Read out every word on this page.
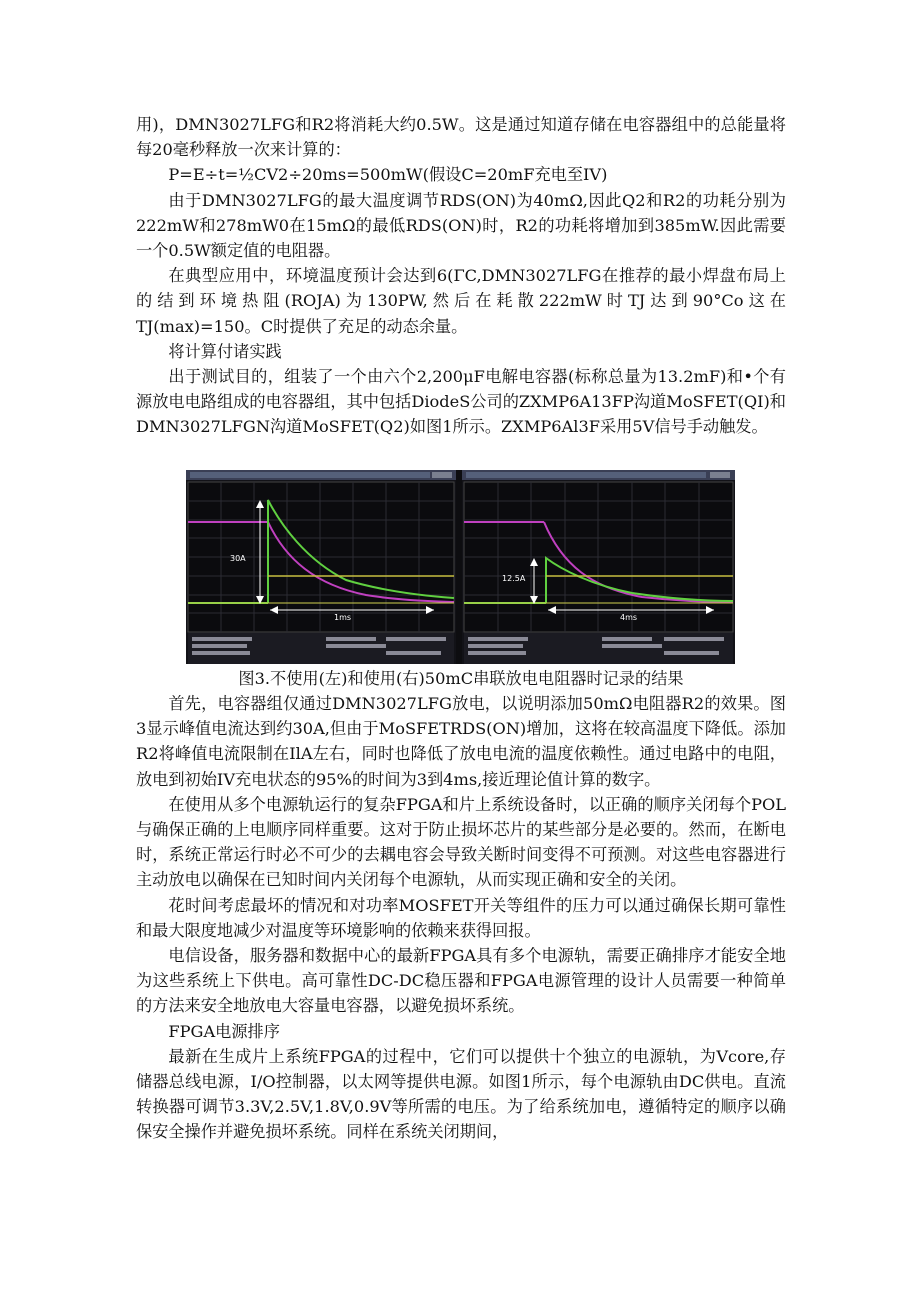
用)，DMN3027LFG和R2将消耗大约0.5W。这是通过知道存储在电容器组中的总能量将每20毫秒释放一次来计算的：

P=E÷t=½CV2÷20ms=500mW(假设C=20mF充电至IV)

由于DMN3027LFG的最大温度调节RDS(ON)为40mΩ,因此Q2和R2的功耗分别为222mW和278mW0在15mΩ的最低RDS(ON)时，R2的功耗将增加到385mW.因此需要一个0.5W额定值的电阻器。

在典型应用中，环境温度预计会达到6(ΓC,DMN3027LFG在推荐的最小焊盘布局上的结到环境热阻(ROJA)为130PW,然后在耗散222mW时TJ达到90°Co这在TJ(max)=150。C时提供了充足的动态余量。

将计算付诸实践

出于测试目的，组装了一个由六个2,200μF电解电容器(标称总量为13.2mF)和•个有源放电电路组成的电容器组，其中包括DiodeS公司的ZXMP6A13FP沟道MoSFET(QI)和DMN3027LFGN沟道MoSFET(Q2)如图1所示。ZXMP6Al3F采用5V信号手动触发。

30A
1ms
12.5A
4ms
图3.不使用(左)和使用(右)50mC串联放电电阻器时记录的结果

首先，电容器组仅通过DMN3027LFG放电，以说明添加50mΩ电阻器R2的效果。图3显示峰值电流达到约30A,但由于MoSFETRDS(ON)增加，这将在较高温度下降低。添加R2将峰值电流限制在IlA左右，同时也降低了放电电流的温度依赖性。通过电路中的电阻，放电到初始IV充电状态的95%的时间为3到4ms,接近理论值计算的数字。

在使用从多个电源轨运行的复杂FPGA和片上系统设备时，以正确的顺序关闭每个POL与确保正确的上电顺序同样重要。这对于防止损坏芯片的某些部分是必要的。然而，在断电时，系统正常运行时必不可少的去耦电容会导致关断时间变得不可预测。对这些电容器进行主动放电以确保在已知时间内关闭每个电源轨，从而实现正确和安全的关闭。

花时间考虑最坏的情况和对功率MOSFET开关等组件的压力可以通过确保长期可靠性和最大限度地减少对温度等环境影响的依赖来获得回报。

电信设备，服务器和数据中心的最新FPGA具有多个电源轨，需要正确排序才能安全地为这些系统上下供电。高可靠性DC-DC稳压器和FPGA电源管理的设计人员需要一种简单的方法来安全地放电大容量电容器，以避免损坏系统。

FPGA电源排序

最新在生成片上系统FPGA的过程中，它们可以提供十个独立的电源轨，为Vcore,存储器总线电源，I/O控制器，以太网等提供电源。如图1所示，每个电源轨由DC供电。直流转换器可调节3.3V,2.5V,1.8V,0.9V等所需的电压。为了给系统加电，遵循特定的顺序以确保安全操作并避免损坏系统。同样在系统关闭期间，
